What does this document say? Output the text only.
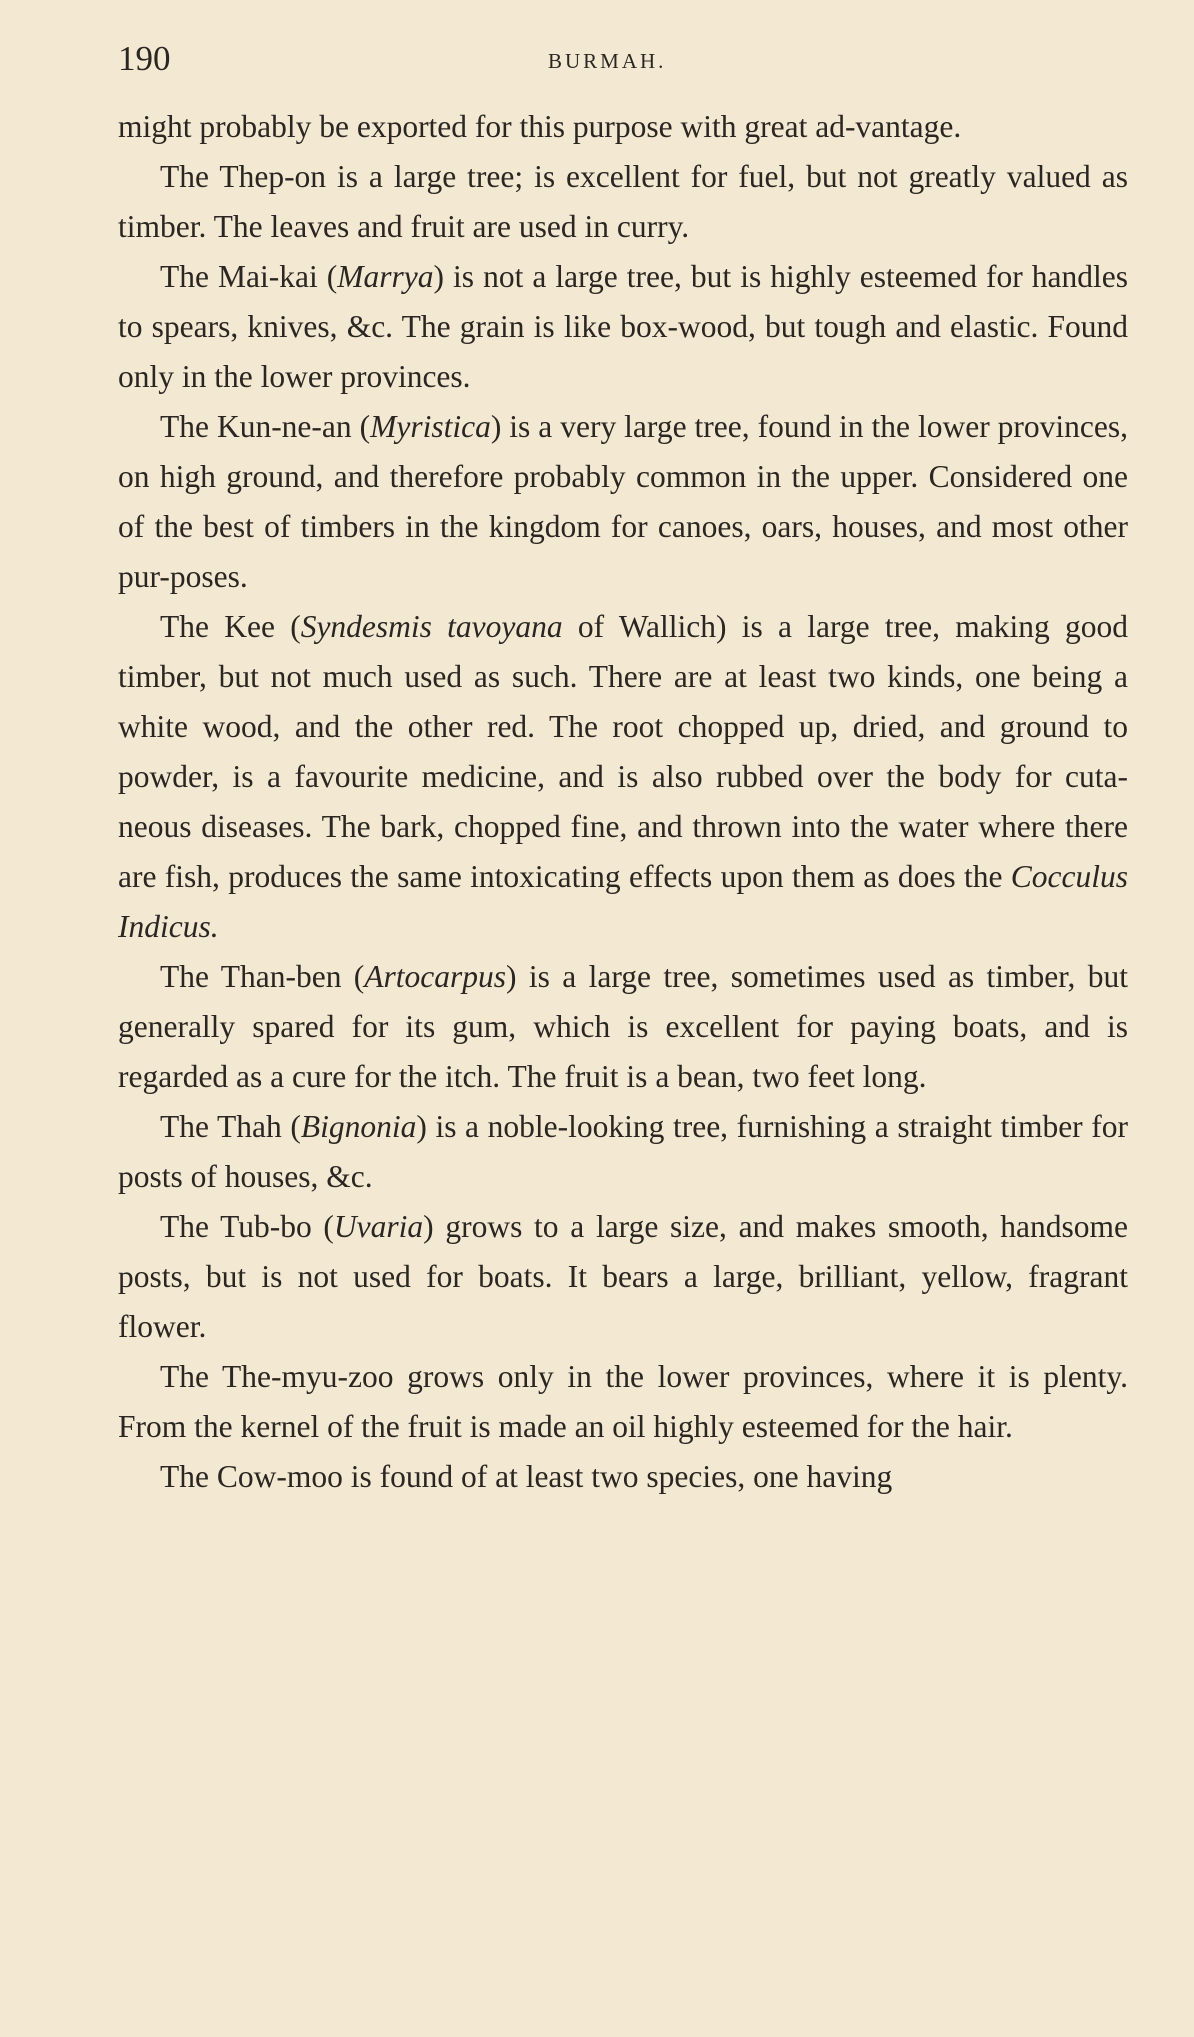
190	BURMAH.

might probably be exported for this purpose with great ad-vantage.

The Thep-on is a large tree; is excellent for fuel, but not greatly valued as timber. The leaves and fruit are used in curry.

The Mai-kai (Marrya) is not a large tree, but is highly esteemed for handles to spears, knives, &c. The grain is like box-wood, but tough and elastic. Found only in the lower provinces.

The Kun-ne-an (Myristica) is a very large tree, found in the lower provinces, on high ground, and therefore probably common in the upper. Considered one of the best of timbers in the kingdom for canoes, oars, houses, and most other pur-poses.

The Kee (Syndesmis tavoyana of Wallich) is a large tree, making good timber, but not much used as such. There are at least two kinds, one being a white wood, and the other red. The root chopped up, dried, and ground to powder, is a favourite medicine, and is also rubbed over the body for cuta-neous diseases. The bark, chopped fine, and thrown into the water where there are fish, produces the same intoxicating effects upon them as does the Cocculus Indicus.

The Than-ben (Artocarpus) is a large tree, sometimes used as timber, but generally spared for its gum, which is excellent for paying boats, and is regarded as a cure for the itch. The fruit is a bean, two feet long.

The Thah (Bignonia) is a noble-looking tree, furnishing a straight timber for posts of houses, &c.

The Tub-bo (Uvaria) grows to a large size, and makes smooth, handsome posts, but is not used for boats. It bears a large, brilliant, yellow, fragrant flower.

The The-myu-zoo grows only in the lower provinces, where it is plenty. From the kernel of the fruit is made an oil highly esteemed for the hair.

The Cow-moo is found of at least two species, one having
